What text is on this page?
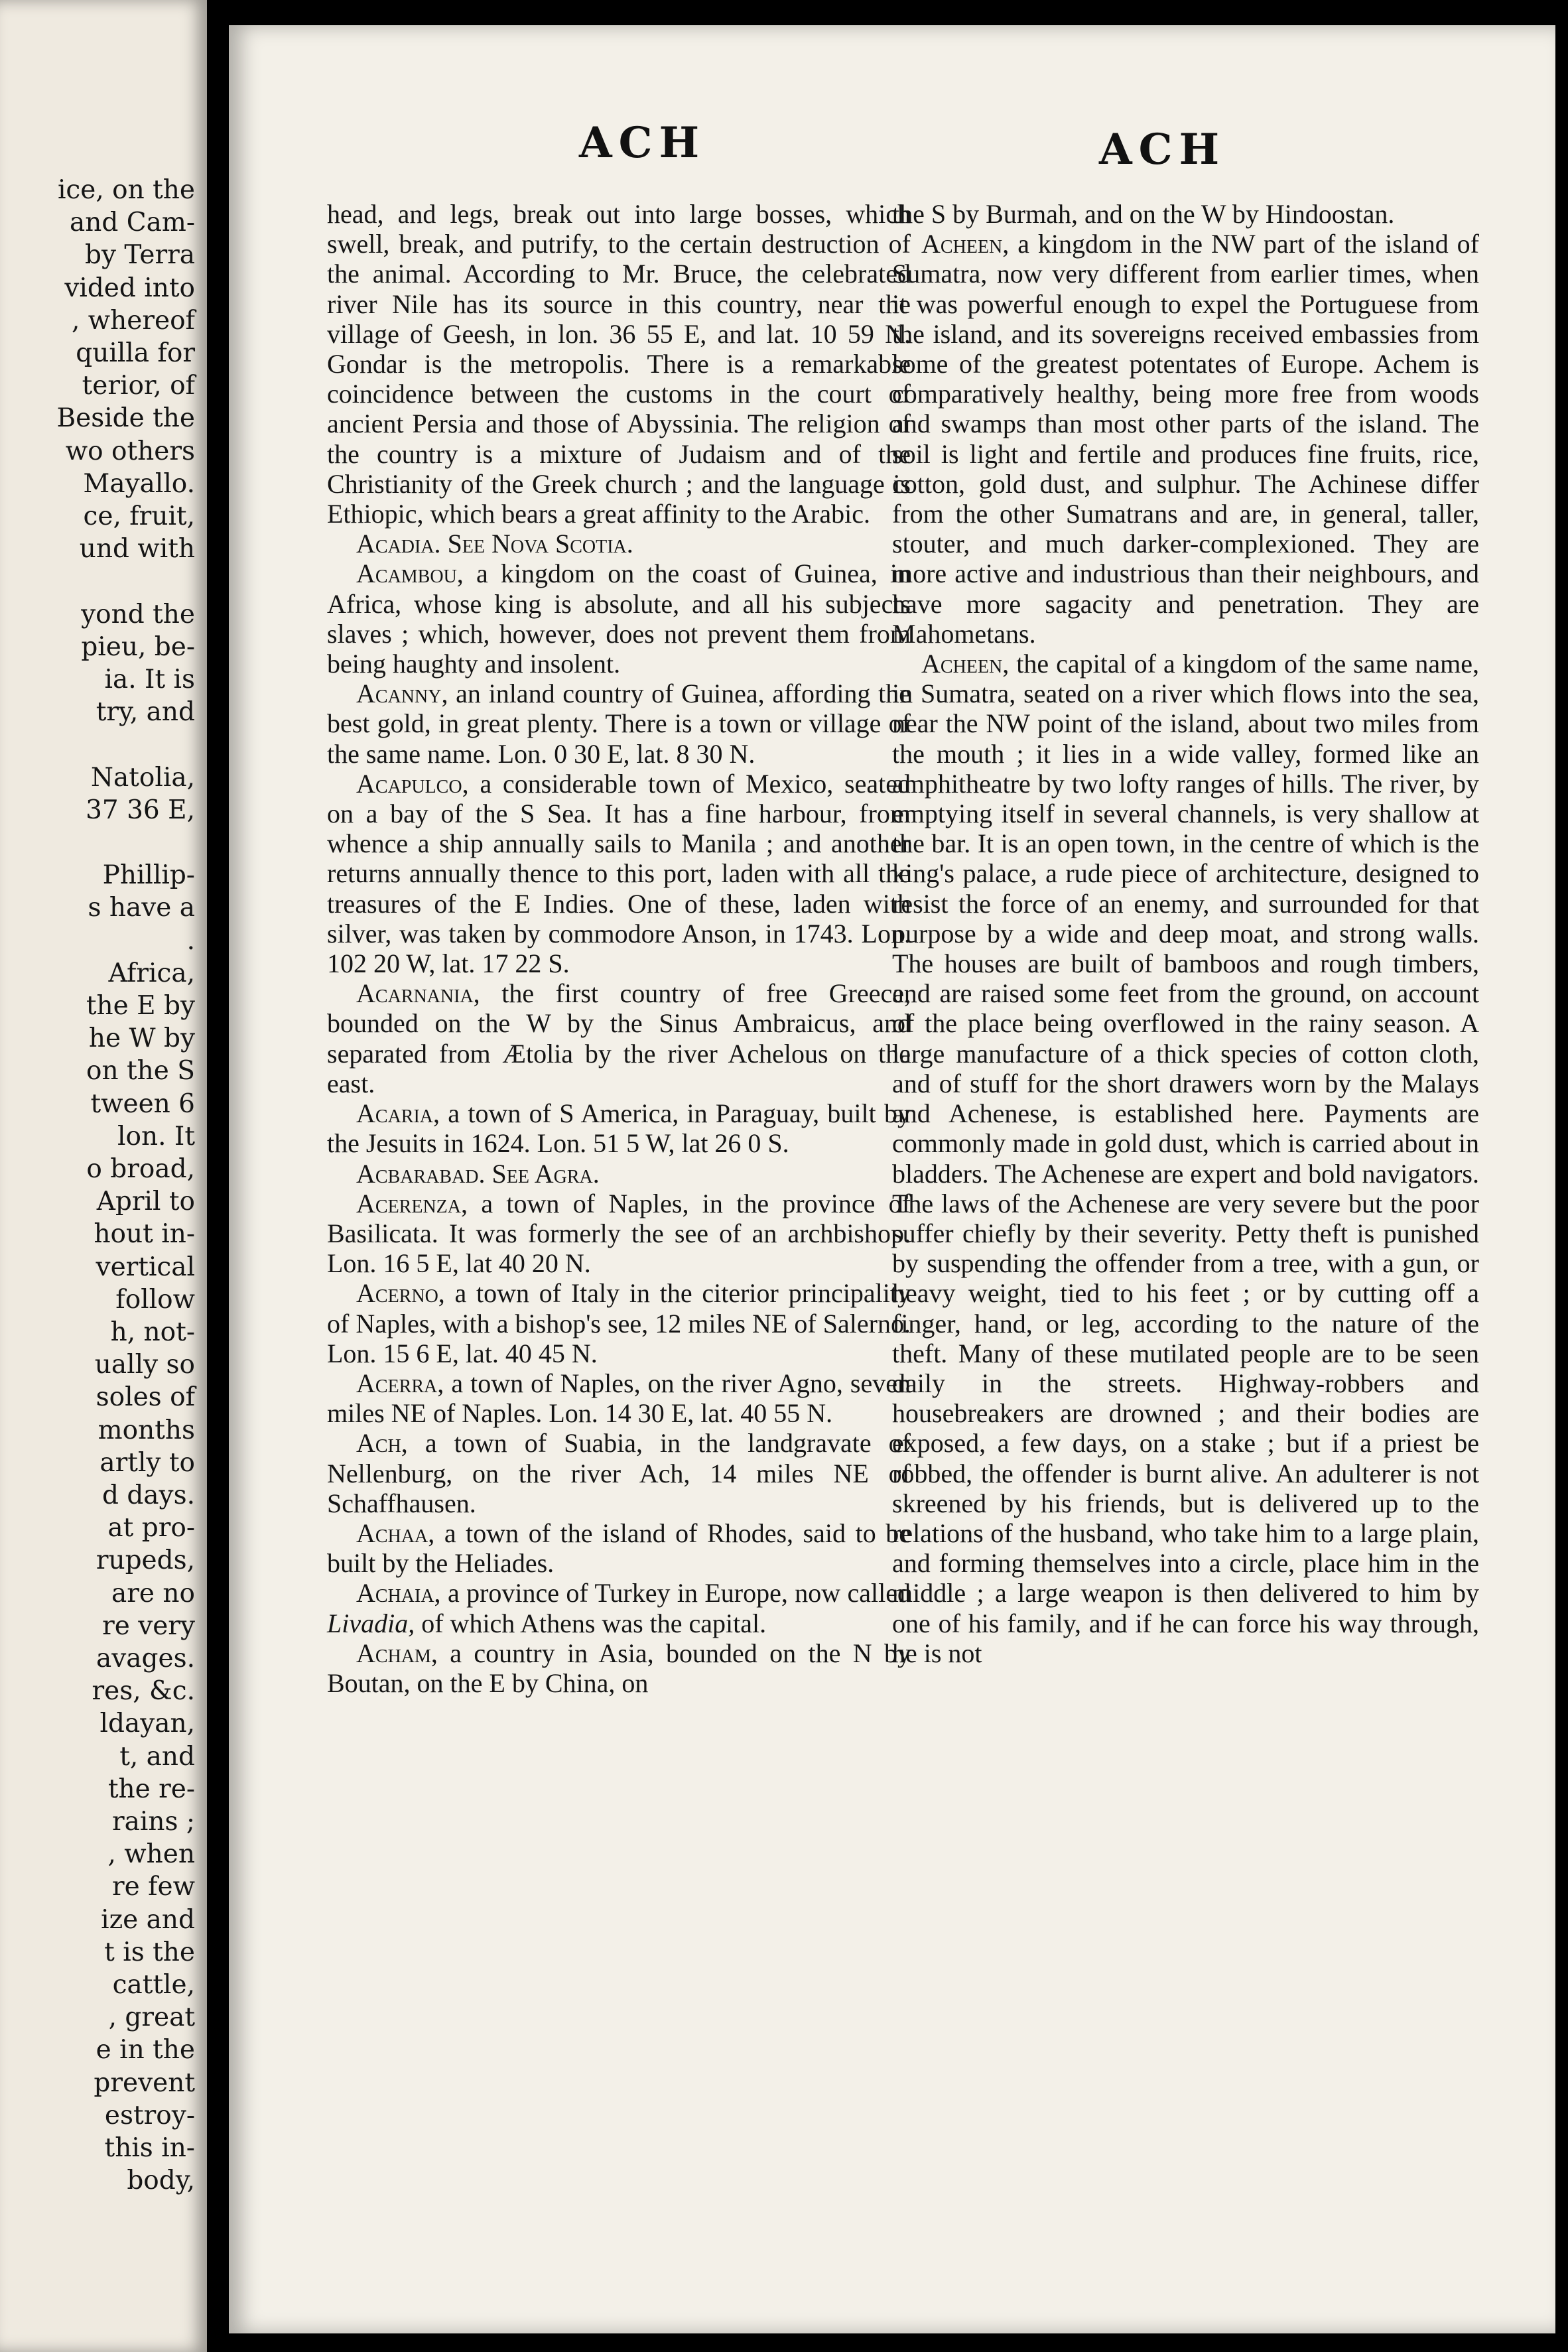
ice, on the
and Cam-
by Terra
vided into
, whereof
quilla for
terior, of
Beside the
wo others
Mayallo.
ce, fruit,
und with
yond the
pieu, be-
ia. It is
try, and
Natolia,
37 36 E,
Phillip-
s have a
.
Africa,
the E by
he W by
on the S
tween 6
lon. It
o broad,
April to
hout in-
vertical
follow
h, not-
ually so
soles of
months
artly to
d days.
at pro-
rupeds,
are no
re very
avages.
res, &c.
ldayan,
t, and
the re-
rains ;
, when
re few
ize and
t is the
cattle,
, great
e in the
prevent
estroy-
this in-
body,
ACH	ACH

head, and legs, break out into large bosses, which swell, break, and putrify, to the certain destruction of the animal. According to Mr. Bruce, the celebrated river Nile has its source in this country, near the village of Geesh, in lon. 36 55 E, and lat. 10 59 N. Gondar is the metropolis. There is a remarkable coincidence between the customs in the court of ancient Persia and those of Abyssinia. The religion of the country is a mixture of Judaism and of the Christianity of the Greek church ; and the language is Ethiopic, which bears a great affinity to the Arabic.

Acadia. See Nova Scotia.

Acambou, a kingdom on the coast of Guinea, in Africa, whose king is absolute, and all his subjects slaves ; which, however, does not prevent them from being haughty and insolent.

Acanny, an inland country of Guinea, affording the best gold, in great plenty. There is a town or village of the same name. Lon. 0 30 E, lat. 8 30 N.

Acapulco, a considerable town of Mexico, seated on a bay of the S Sea. It has a fine harbour, from whence a ship annually sails to Manila ; and another returns annually thence to this port, laden with all the treasures of the E Indies. One of these, laden with silver, was taken by commodore Anson, in 1743. Lon. 102 20 W, lat. 17 22 S.

Acarnania, the first country of free Greece, bounded on the W by the Sinus Ambraicus, and separated from Ætolia by the river Achelous on the east.

Acaria, a town of S America, in Paraguay, built by the Jesuits in 1624. Lon. 51 5 W, lat 26 0 S.

Acbarabad. See Agra.

Acerenza, a town of Naples, in the province of Basilicata. It was formerly the see of an archbishop. Lon. 16 5 E, lat 40 20 N.

Acerno, a town of Italy in the citerior principality of Naples, with a bishop's see, 12 miles NE of Salerno. Lon. 15 6 E, lat. 40 45 N.

Acerra, a town of Naples, on the river Agno, seven miles NE of Naples. Lon. 14 30 E, lat. 40 55 N.

Ach, a town of Suabia, in the landgravate of Nellenburg, on the river Ach, 14 miles NE of Schaffhausen.

Achaa, a town of the island of Rhodes, said to be built by the Heliades.

Achaia, a province of Turkey in Europe, now called Livadia, of which Athens was the capital.

Acham, a country in Asia, bounded on the N by Boutan, on the E by China, on

the S by Burmah, and on the W by Hindoostan.

Acheen, a kingdom in the NW part of the island of Sumatra, now very different from earlier times, when it was powerful enough to expel the Portuguese from the island, and its sovereigns received embassies from some of the greatest potentates of Europe. Achem is comparatively healthy, being more free from woods and swamps than most other parts of the island. The soil is light and fertile and produces fine fruits, rice, cotton, gold dust, and sulphur. The Achinese differ from the other Sumatrans and are, in general, taller, stouter, and much darker-complexioned. They are more active and industrious than their neighbours, and have more sagacity and penetration. They are Mahometans.

Acheen, the capital of a kingdom of the same name, in Sumatra, seated on a river which flows into the sea, near the NW point of the island, about two miles from the mouth ; it lies in a wide valley, formed like an amphitheatre by two lofty ranges of hills. The river, by emptying itself in several channels, is very shallow at the bar. It is an open town, in the centre of which is the king's palace, a rude piece of architecture, designed to resist the force of an enemy, and surrounded for that purpose by a wide and deep moat, and strong walls. The houses are built of bamboos and rough timbers, and are raised some feet from the ground, on account of the place being overflowed in the rainy season. A large manufacture of a thick species of cotton cloth, and of stuff for the short drawers worn by the Malays and Achenese, is established here. Payments are commonly made in gold dust, which is carried about in bladders. The Achenese are expert and bold navigators. The laws of the Achenese are very severe but the poor suffer chiefly by their severity. Petty theft is punished by suspending the offender from a tree, with a gun, or heavy weight, tied to his feet ; or by cutting off a finger, hand, or leg, according to the nature of the theft. Many of these mutilated people are to be seen daily in the streets. Highway-robbers and housebreakers are drowned ; and their bodies are exposed, a few days, on a stake ; but if a priest be robbed, the offender is burnt alive. An adulterer is not skreened by his friends, but is delivered up to the relations of the husband, who take him to a large plain, and forming themselves into a circle, place him in the middle ; a large weapon is then delivered to him by one of his family, and if he can force his way through, he is not
